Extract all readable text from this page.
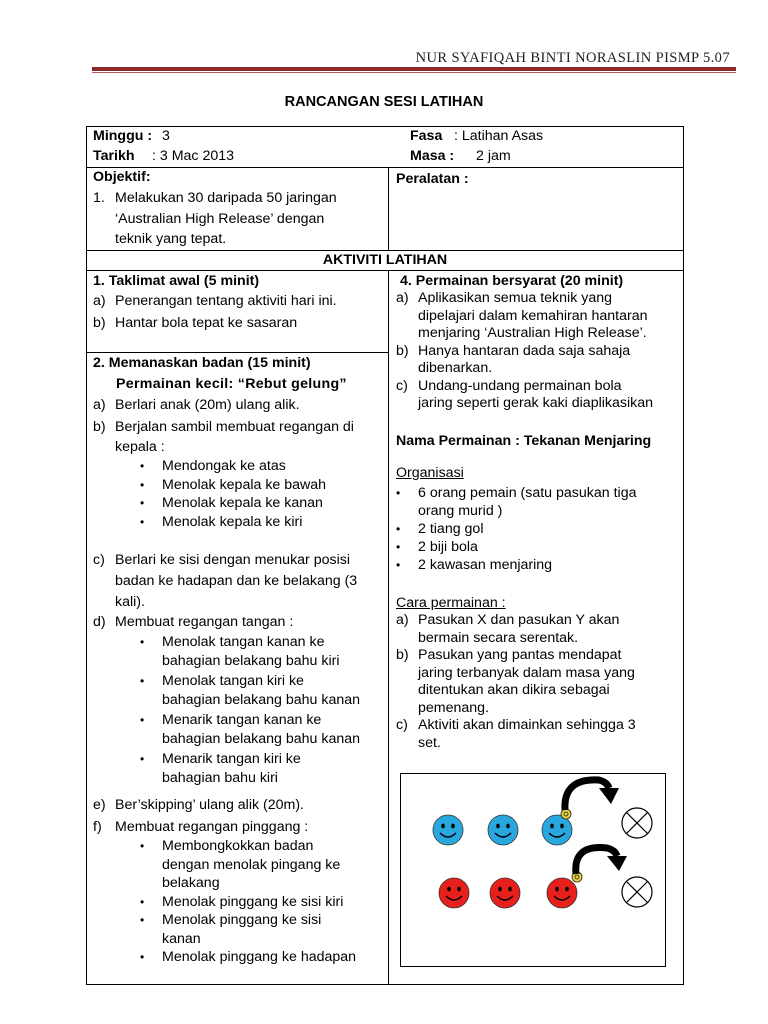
NUR SYAFIQAH BINTI NORASLIN PISMP 5.07
RANCANGAN SESI LATIHAN
Minggu : 3
Tarikh : 3 Mac 2013
Fasa : Latihan Asas
Masa : 2 jam
Objektif:
1. Melakukan 30 daripada 50 jaringan
‘Australian High Release’ dengan
teknik yang tepat.
Peralatan :
AKTIVITI LATIHAN
1. Taklimat awal (5 minit)
a) Penerangan tentang aktiviti hari ini.
b) Hantar bola tepat ke sasaran
2. Memanaskan badan (15 minit)
Permainan kecil: “Rebut gelung”
a) Berlari anak (20m) ulang alik.
b) Berjalan sambil membuat regangan di
kepala :
•	Mendongak ke atas
•	Menolak kepala ke bawah
•	Menolak kepala ke kanan
•	Menolak kepala ke kiri
c) Berlari ke sisi dengan menukar posisi
badan ke hadapan dan ke belakang (3
kali).
d) Membuat regangan tangan :
•	Menolak tangan kanan ke
bahagian belakang bahu kiri
•	Menolak tangan kiri ke
bahagian belakang bahu kanan
•	Menarik tangan kanan ke
bahagian belakang bahu kanan
•	Menarik tangan kiri ke
bahagian bahu kiri
e) Ber’skipping’ ulang alik (20m).
f) Membuat regangan pinggang :
•	Membongkokkan badan
dengan menolak pingang ke
belakang
•	Menolak pinggang ke sisi kiri
•	Menolak pinggang ke sisi
kanan
•	Menolak pinggang ke hadapan
4. Permainan bersyarat (20 minit)
a) Aplikasikan semua teknik yang
dipelajari dalam kemahiran hantaran
menjaring ‘Australian High Release’.
b) Hanya hantaran dada saja sahaja
dibenarkan.
c) Undang-undang permainan bola
jaring seperti gerak kaki diaplikasikan
Nama Permainan : Tekanan Menjaring
Organisasi
•	6 orang pemain (satu pasukan tiga
orang murid )
•	2 tiang gol
•	2 biji bola
•	2 kawasan menjaring
Cara permainan :
a) Pasukan X dan pasukan Y akan
bermain secara serentak.
b) Pasukan yang pantas mendapat
jaring terbanyak dalam masa yang
ditentukan akan dikira sebagai
pemenang.
c) Aktiviti akan dimainkan sehingga 3
set.
